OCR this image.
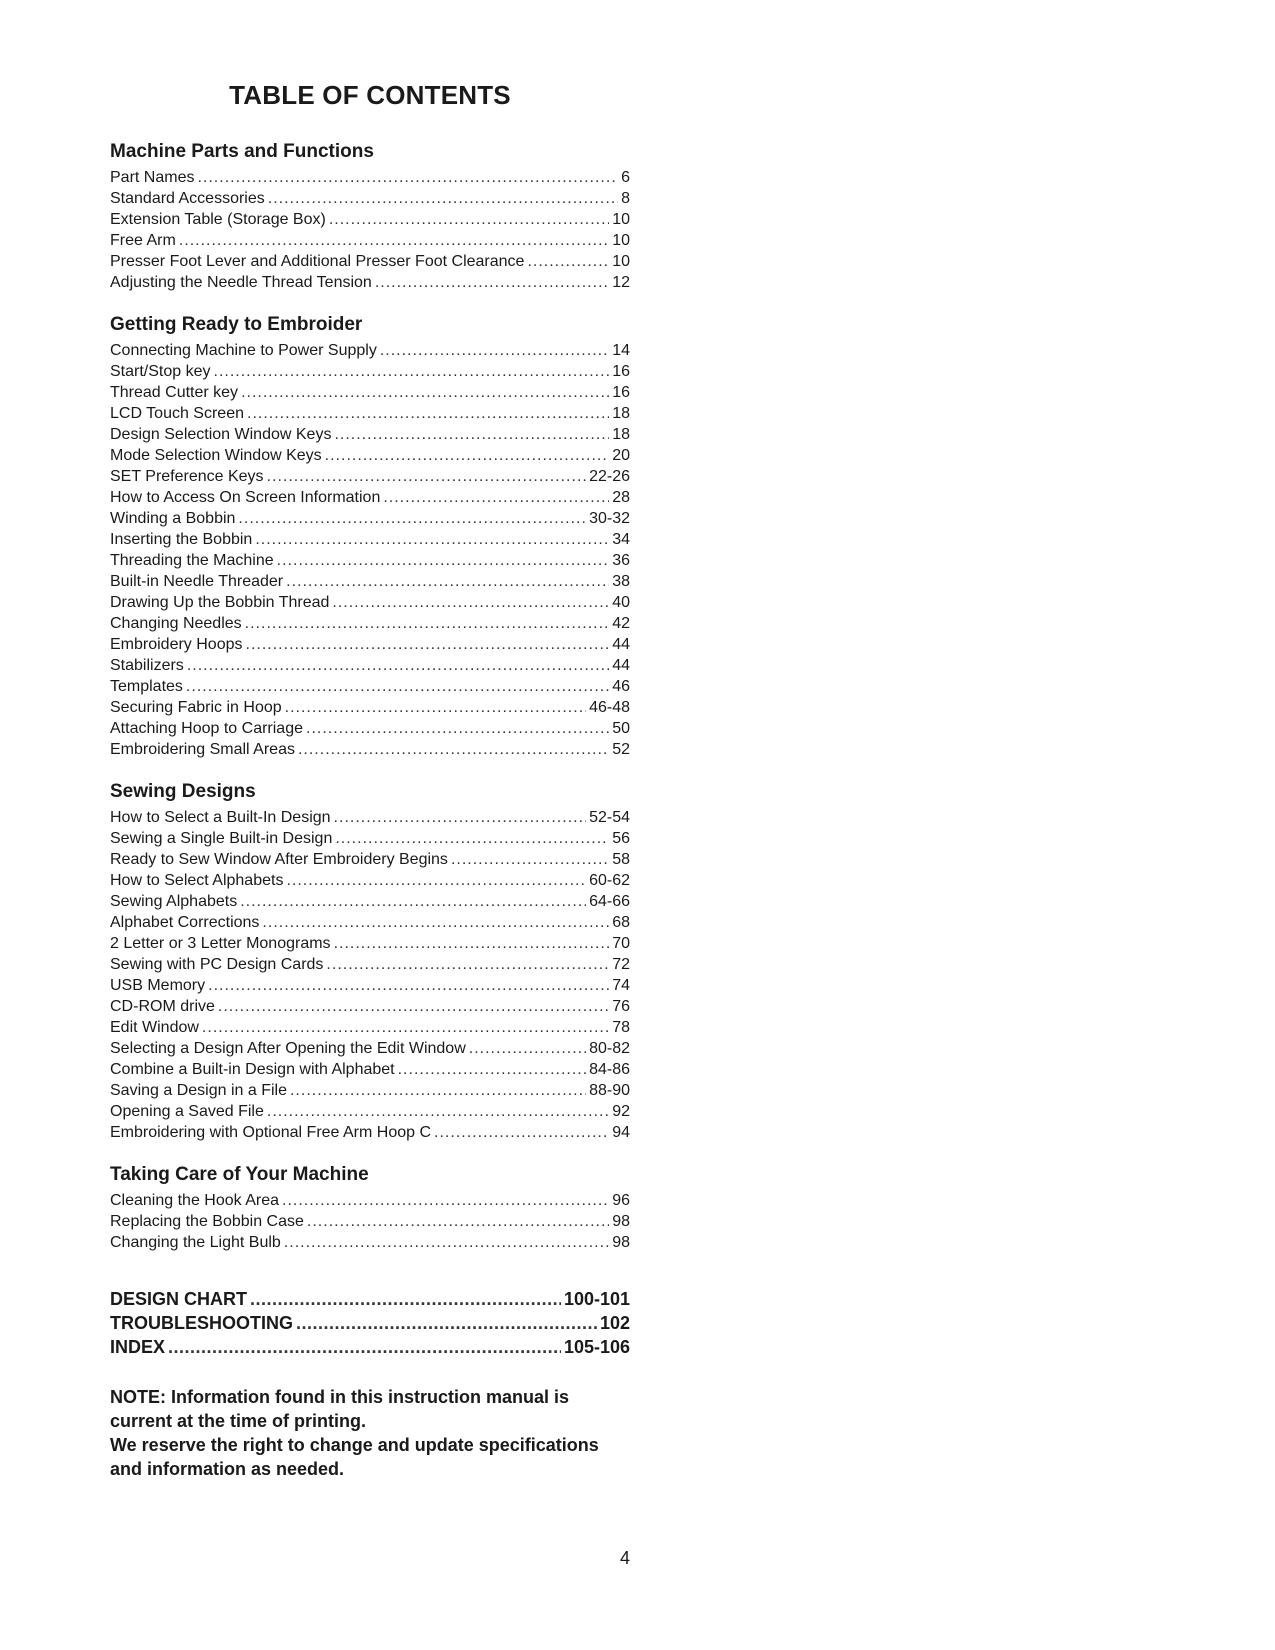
TABLE OF CONTENTS
Machine Parts and Functions
Part Names .....	6
Standard Accessories .....	8
Extension Table (Storage Box) .....	10
Free Arm .....	10
Presser Foot Lever and Additional Presser Foot Clearance .....	10
Adjusting the Needle Thread Tension .....	12
Getting Ready to Embroider
Connecting Machine to Power Supply .....	14
Start/Stop key .....	16
Thread Cutter key .....	16
LCD Touch Screen .....	18
Design Selection Window Keys .....	18
Mode Selection Window Keys .....	20
SET Preference Keys .....	22-26
How to Access On Screen Information .....	28
Winding a Bobbin .....	30-32
Inserting the Bobbin .....	34
Threading the Machine .....	36
Built-in Needle Threader .....	38
Drawing Up the Bobbin Thread .....	40
Changing Needles .....	42
Embroidery Hoops .....	44
Stabilizers .....	44
Templates .....	46
Securing Fabric in Hoop .....	46-48
Attaching Hoop to Carriage .....	50
Embroidering Small Areas .....	52
Sewing Designs
How to Select a Built-In Design .....	52-54
Sewing a Single Built-in Design .....	56
Ready to Sew Window After Embroidery Begins .....	58
How to Select Alphabets .....	60-62
Sewing Alphabets .....	64-66
Alphabet Corrections .....	68
2 Letter or 3 Letter Monograms .....	70
Sewing with PC Design Cards .....	72
USB Memory .....	74
CD-ROM drive .....	76
Edit Window .....	78
Selecting a Design After Opening the Edit Window .....	80-82
Combine a Built-in Design with Alphabet .....	84-86
Saving a Design in a File .....	88-90
Opening a Saved File .....	92
Embroidering with Optional Free Arm Hoop C .....	94
Taking Care of Your Machine
Cleaning the Hook Area .....	96
Replacing the Bobbin Case .....	98
Changing the Light Bulb .....	98
DESIGN CHART .....	100-101
TROUBLESHOOTING .....	102
INDEX .....	105-106

NOTE: Information found in this instruction manual is current at the time of printing.

We reserve the right to change and update specifications and information as needed.

4
